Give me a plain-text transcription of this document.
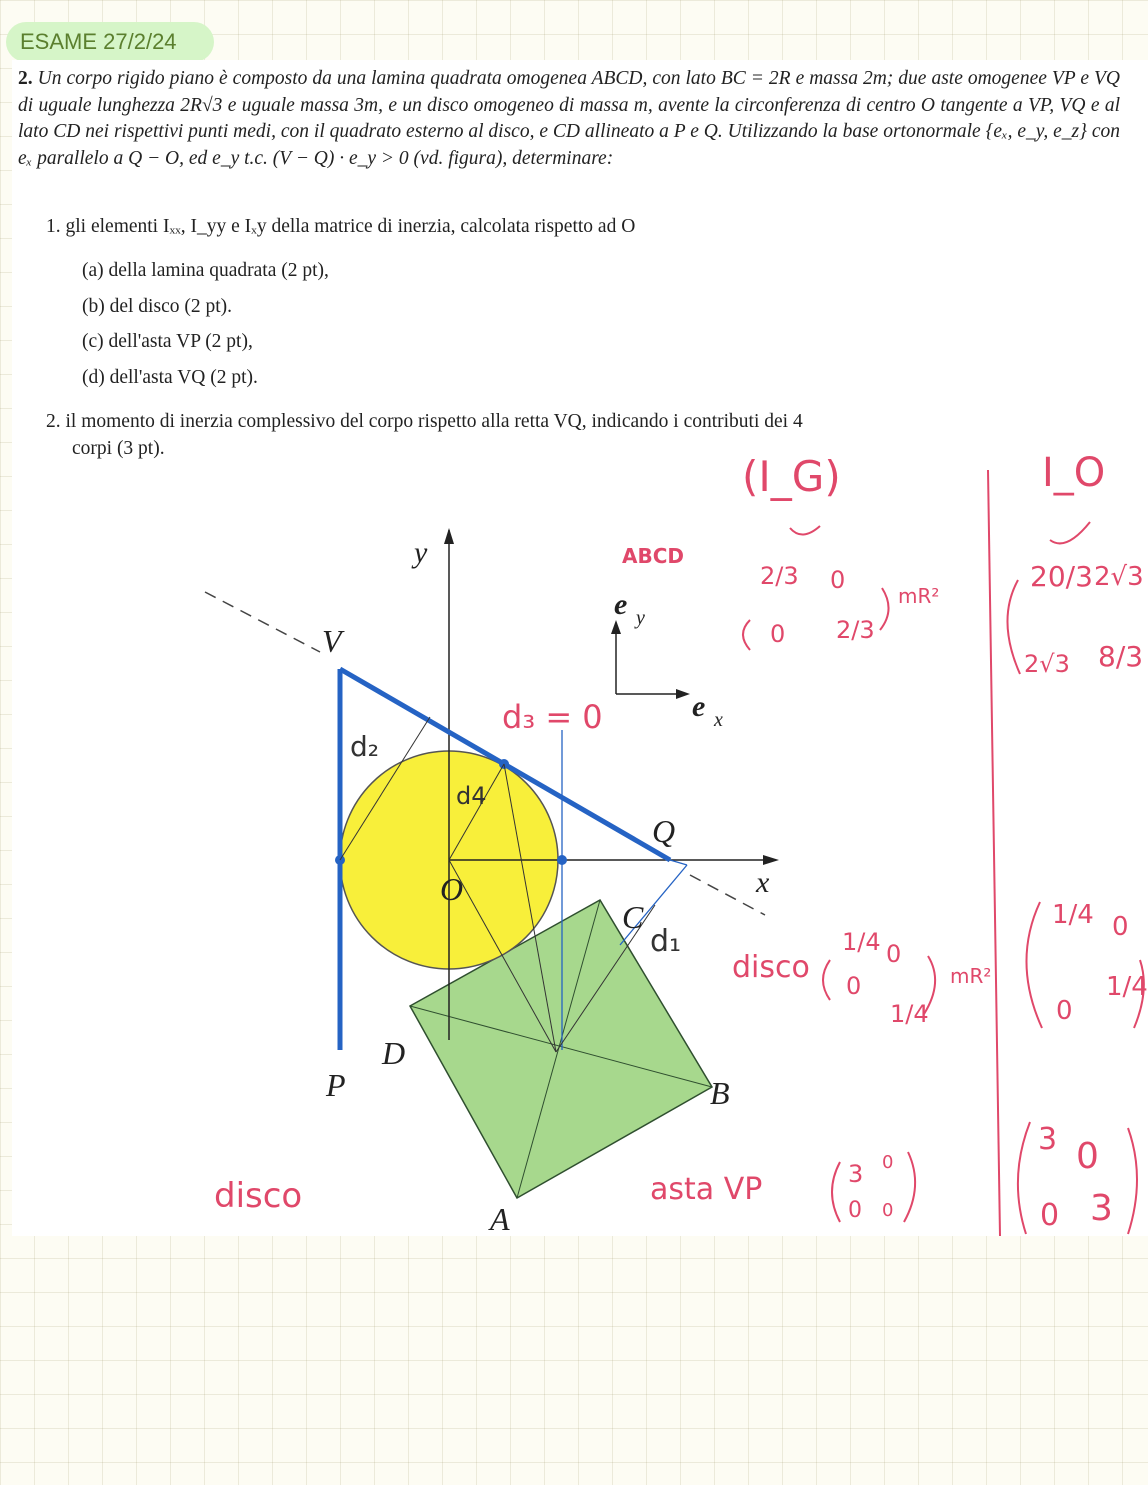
ESAME 27/2/24
2. Un corpo rigido piano è composto da una lamina quadrata omogenea ABCD, con lato BC = 2R e massa 2m; due aste omogenee VP e VQ di uguale lunghezza 2R√3 e uguale massa 3m, e un disco omogeneo di massa m, avente la circonferenza di centro O tangente a VP, VQ e al lato CD nei rispettivi punti medi, con il quadrato esterno al disco, e CD allineato a P e Q. Utilizzando la base ortonormale {eₓ, e_y, e_z} con eₓ parallelo a Q − O, ed e_y t.c. (V − Q) · e_y > 0 (vd. figura), determinare:
1. gli elementi Iₓₓ, I_yy e Iₓy della matrice di inerzia, calcolata rispetto ad O
(a) della lamina quadrata (2 pt),
(b) del disco (2 pt).
(c) dell'asta VP (2 pt),
(d) dell'asta VQ (2 pt).
2. il momento di inerzia complessivo del corpo rispetto alla retta VQ, indicando i contributi dei 4
corpi (3 pt).
y
x
V
Q
O
P
C
D
B
A
e y
e x
(I_G)	I_O
ABCD
2/3 0
0 2/3
mR²
20/3 2√3
2√3 8/3
d₃ = 0
d₂
d4
d₁
disco
1/4 0
0
1/4
mR²
1/4 0
0
1/4
asta VP	3 0
0 0
3 0
0 3
disco
